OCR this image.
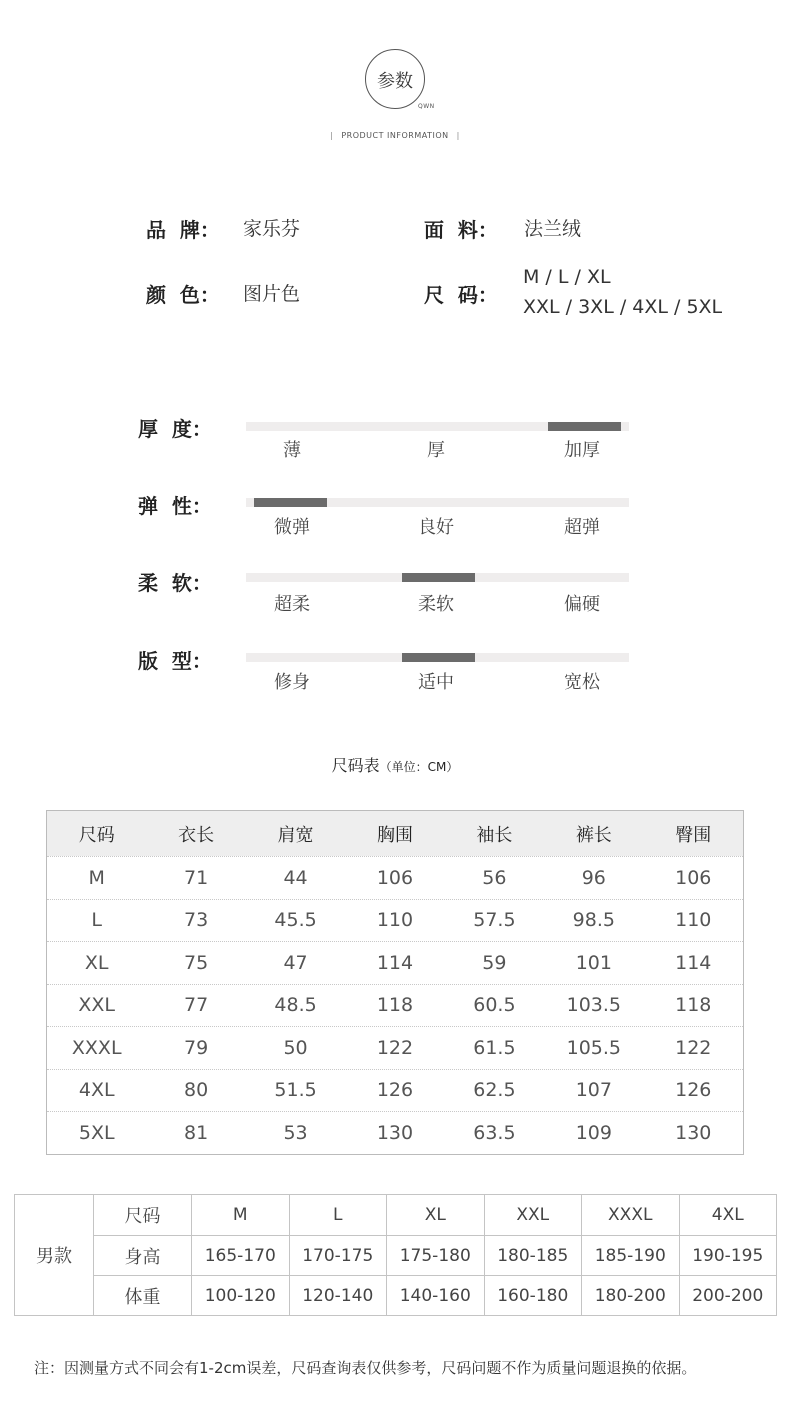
参数
QWN
| PRODUCT INFORMATION |
品  牌： 家乐芬	面  料： 法兰绒
颜  色： 图片色	尺  码：
M / L / XL
XXL / 3XL / 4XL / 5XL
厚  度：
薄	厚	加厚
弹  性：
微弹	良好	超弹
柔  软：
超柔	柔软	偏硬
版  型：
修身	适中	宽松
尺码表（单位：CM）
尺码	衣长	肩宽	胸围	袖长	裤长	臀围
M	71	44	106	56	96	106
L	73	45.5	110	57.5	98.5	110
XL	75	47	114	59	101	114
XXL	77	48.5	118	60.5	103.5	118
XXXL	79	50	122	61.5	105.5	122
4XL	80	51.5	126	62.5	107	126
5XL	81	53	130	63.5	109	130
男款
尺码	M	L	XL	XXL	XXXL	4XL
身高	165-170	170-175	175-180	180-185	185-190	190-195
体重	100-120	120-140	140-160	160-180	180-200	200-200
注：因测量方式不同会有1-2cm误差，尺码查询表仅供参考，尺码问题不作为质量问题退换的依据。
